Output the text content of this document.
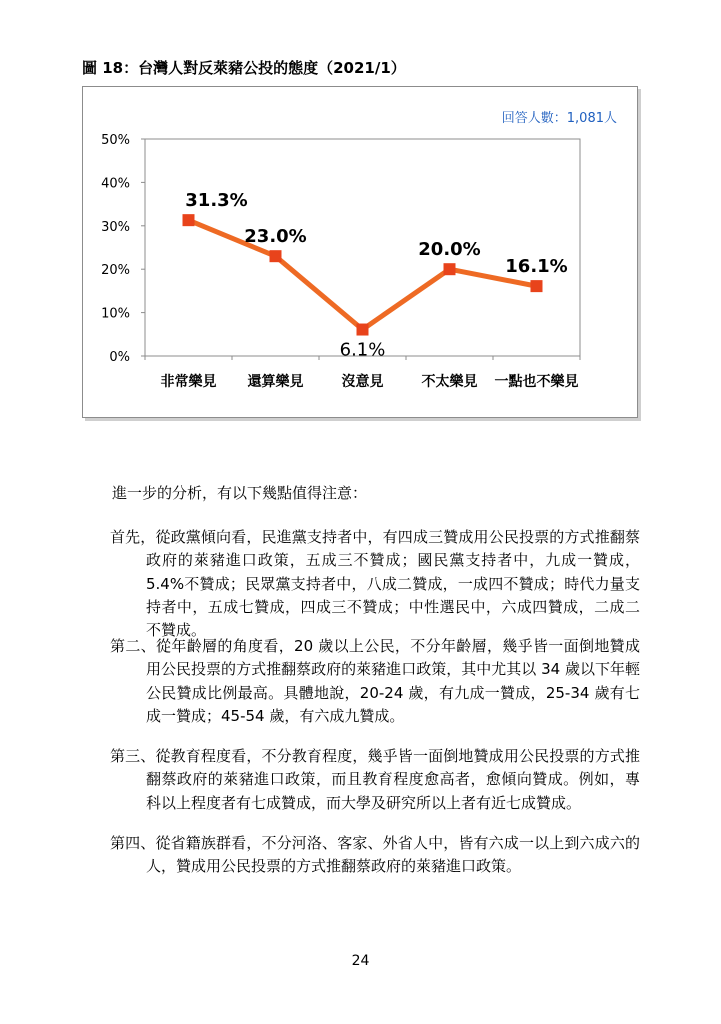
圖 18：台灣人對反萊豬公投的態度（2021/1）
回答人數：1,081人
0%
10%
20%
30%
40%
50%
非常樂見 還算樂見	沒意見	不太樂見 一點也不樂見
31.3%
23.0%
6.1%
20.0%
16.1%
進一步的分析，有以下幾點值得注意：
首先，從政黨傾向看，民進黨支持者中，有四成三贊成用公民投票的方式推翻蔡政府的萊豬進口政策，五成三不贊成；國民黨支持者中，九成一贊成，5.4%不贊成；民眾黨支持者中，八成二贊成，一成四不贊成；時代力量支持者中，五成七贊成，四成三不贊成；中性選民中，六成四贊成，二成二不贊成。
第二、從年齡層的角度看，20 歲以上公民，不分年齡層，幾乎皆一面倒地贊成用公民投票的方式推翻蔡政府的萊豬進口政策，其中尤其以 34 歲以下年輕公民贊成比例最高。具體地說，20-24 歲，有九成一贊成，25-34 歲有七成一贊成；45-54 歲，有六成九贊成。
第三、從教育程度看，不分教育程度，幾乎皆一面倒地贊成用公民投票的方式推翻蔡政府的萊豬進口政策，而且教育程度愈高者，愈傾向贊成。例如，專科以上程度者有七成贊成，而大學及研究所以上者有近七成贊成。
第四、從省籍族群看，不分河洛、客家、外省人中，皆有六成一以上到六成六的人，贊成用公民投票的方式推翻蔡政府的萊豬進口政策。
24
